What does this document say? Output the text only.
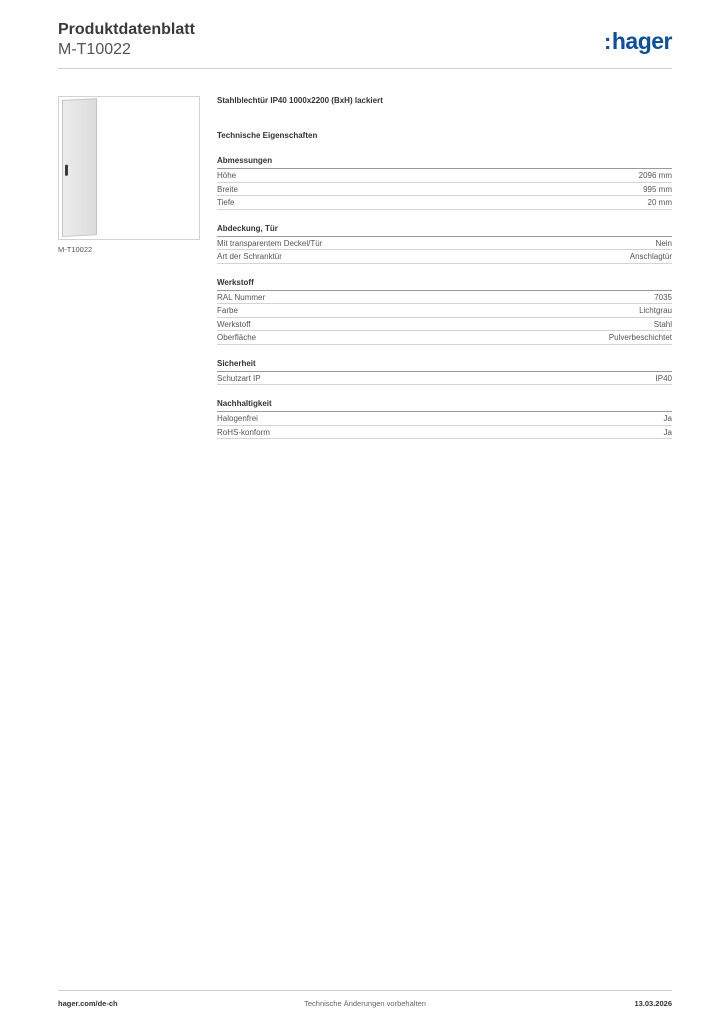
Produktdatenblatt
M-T10022	:hager
M-T10022
Stahlblechtür IP40 1000x2200 (BxH) lackiert
Technische Eigenschaften
Abmessungen
Höhe	2096 mm
Breite	995 mm
Tiefe	20 mm
Abdeckung, Tür
Mit transparentem Deckel/Tür	Nein
Art der Schranktür	Anschlagtür
Werkstoff
RAL Nummer	7035
Farbe	Lichtgrau
Werkstoff	Stahl
Oberfläche	Pulverbeschichtet
Sicherheit
Schutzart IP	IP40
Nachhaltigkeit
Halogenfrei	Ja
RoHS-konform	Ja
hager.com/de-ch	Technische Änderungen vorbehalten	13.03.2026
